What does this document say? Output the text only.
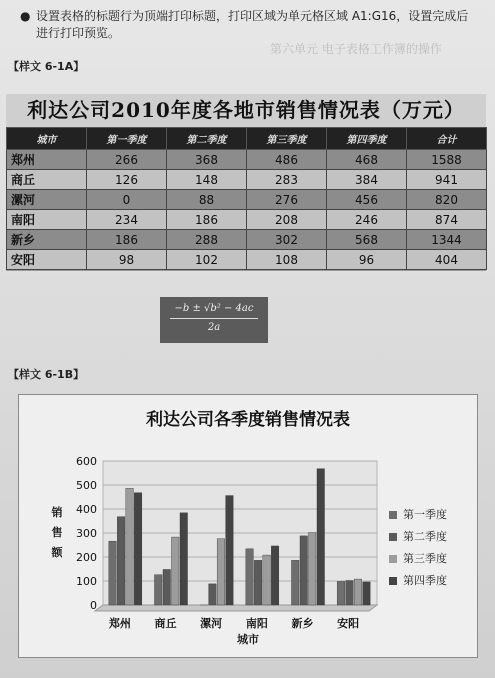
● 设置表格的标题行为顶端打印标题，打印区域为单元格区域 A1:G16，设置完成后进行打印预览。
第六单元 电子表格工作簿的操作
【样文 6-1A】
利达公司2010年度各地市销售情况表（万元）
城市	第一季度	第二季度	第三季度	第四季度	合计
郑州	266	368	486	468	1588
商丘	126	148	283	384	941
漯河	0	88	276	456	820
南阳	234	186	208	246	874
新乡	186	288	302	568	1344
安阳	98	102	108	96	404
−b ± √b² − 4ac
2a
【样文 6-1B】
利达公司各季度销售情况表
0
100
200
300
400
500
600
郑州 商丘 漯河 南阳 新乡 安阳
销售额
城市
第一季度
第二季度
第三季度
第四季度
